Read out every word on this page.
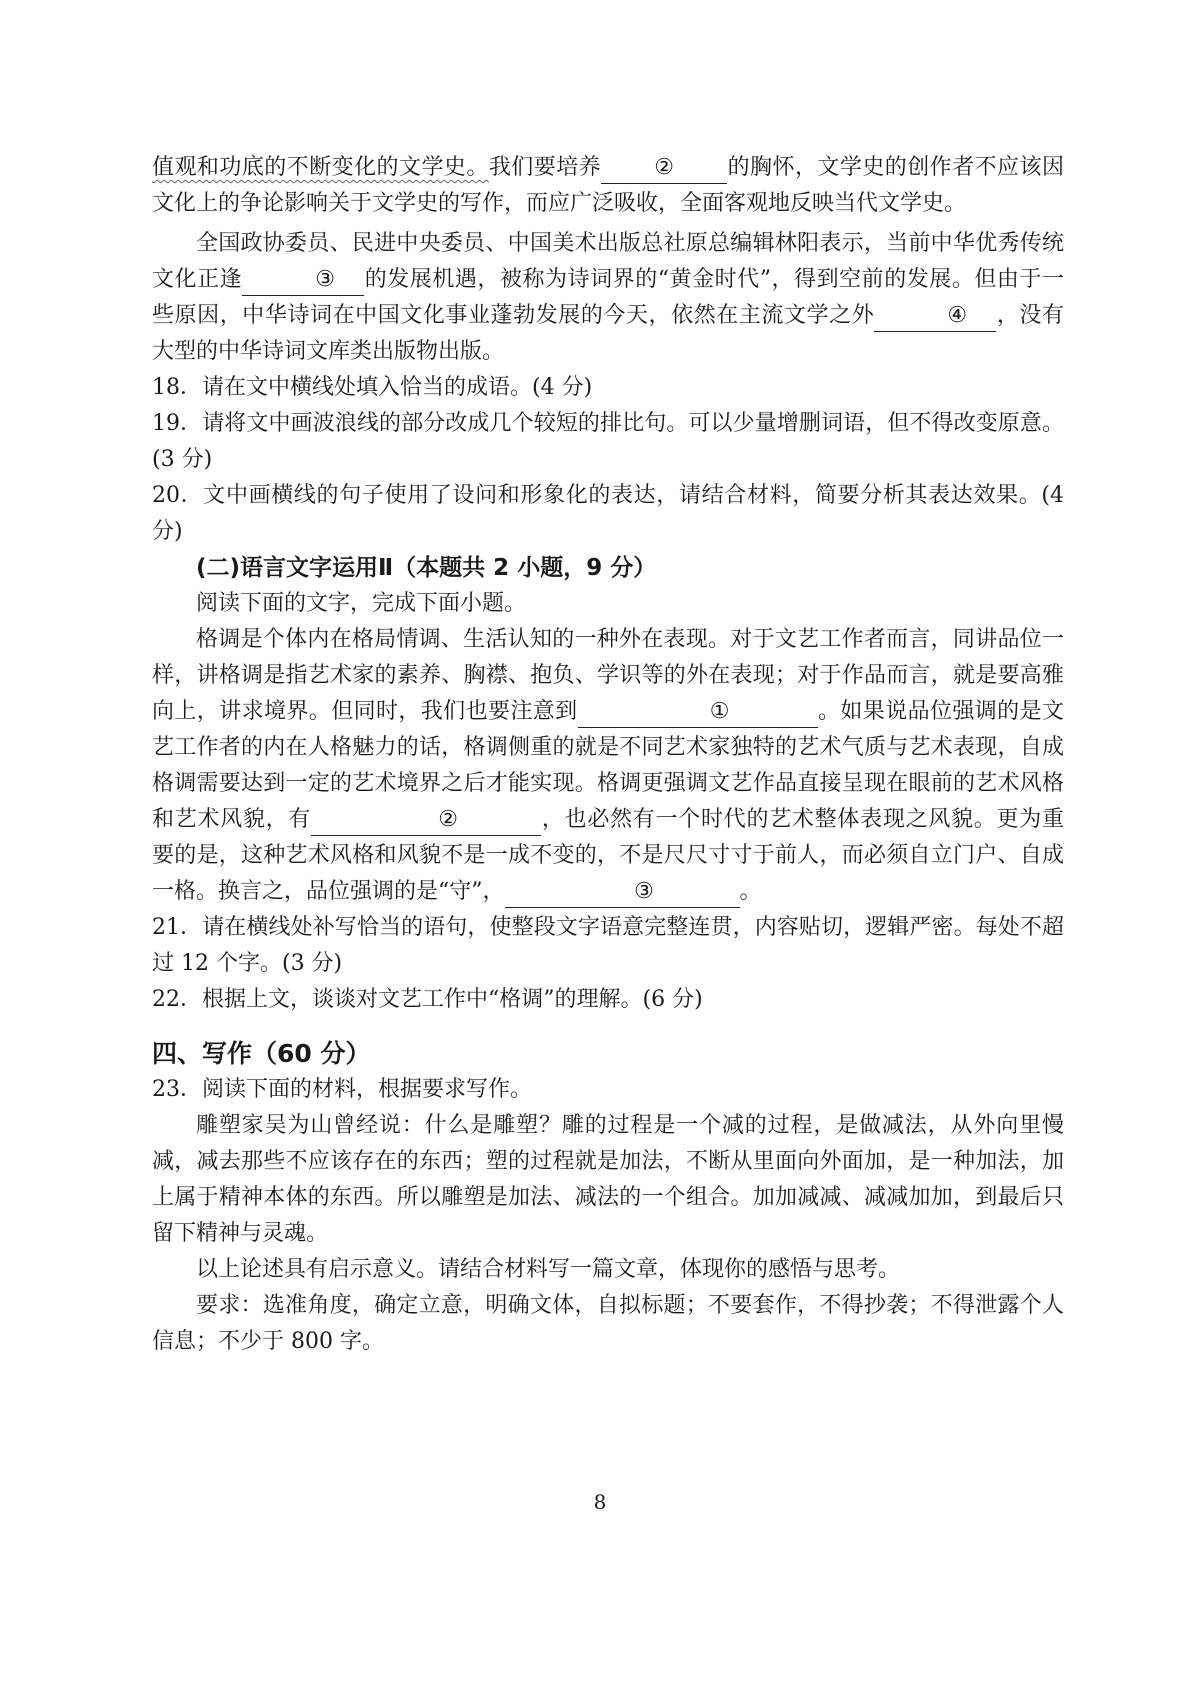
值观和功底的不断变化的文学史。我们要培养 ② 的胸怀，文学史的创作者不应该因文化上的争论影响关于文学史的写作，而应广泛吸收，全面客观地反映当代文学史。

全国政协委员、民进中央委员、中国美术出版总社原总编辑林阳表示，当前中华优秀传统文化正逢	③ 的发展机遇，被称为诗词界的“黄金时代”，得到空前的发展。但由于一些原因，中华诗词在中国文化事业蓬勃发展的今天，依然在主流文学之外	④ ，没有大型的中华诗词文库类出版物出版。

18．请在文中横线处填入恰当的成语。(4 分)

19．请将文中画波浪线的部分改成几个较短的排比句。可以少量增删词语，但不得改变原意。(3 分)

20．文中画横线的句子使用了设问和形象化的表达，请结合材料，简要分析其表达效果。(4 分)

(二)语言文字运用Ⅱ（本题共 2 小题，9 分）

阅读下面的文字，完成下面小题。

格调是个体内在格局情调、生活认知的一种外在表现。对于文艺工作者而言，同讲品位一样，讲格调是指艺术家的素养、胸襟、抱负、学识等的外在表现；对于作品而言，就是要高雅向上，讲求境界。但同时，我们也要注意到	①	。如果说品位强调的是文艺工作者的内在人格魅力的话，格调侧重的就是不同艺术家独特的艺术气质与艺术表现，自成格调需要达到一定的艺术境界之后才能实现。格调更强调文艺作品直接呈现在眼前的艺术风格和艺术风貌，有	②	，也必然有一个时代的艺术整体表现之风貌。更为重要的是，这种艺术风格和风貌不是一成不变的，不是尺尺寸寸于前人，而必须自立门户、自成一格。换言之，品位强调的是“守”，	③	。

21．请在横线处补写恰当的语句，使整段文字语意完整连贯，内容贴切，逻辑严密。每处不超过 12 个字。(3 分)

22．根据上文，谈谈对文艺工作中“格调”的理解。(6 分)

四、写作（60 分）

23．阅读下面的材料，根据要求写作。

雕塑家吴为山曾经说：什么是雕塑？雕的过程是一个减的过程，是做减法，从外向里慢减，减去那些不应该存在的东西；塑的过程就是加法，不断从里面向外面加，是一种加法，加上属于精神本体的东西。所以雕塑是加法、减法的一个组合。加加减减、减减加加，到最后只留下精神与灵魂。

以上论述具有启示意义。请结合材料写一篇文章，体现你的感悟与思考。

要求：选准角度，确定立意，明确文体，自拟标题；不要套作，不得抄袭；不得泄露个人信息；不少于 800 字。

8
